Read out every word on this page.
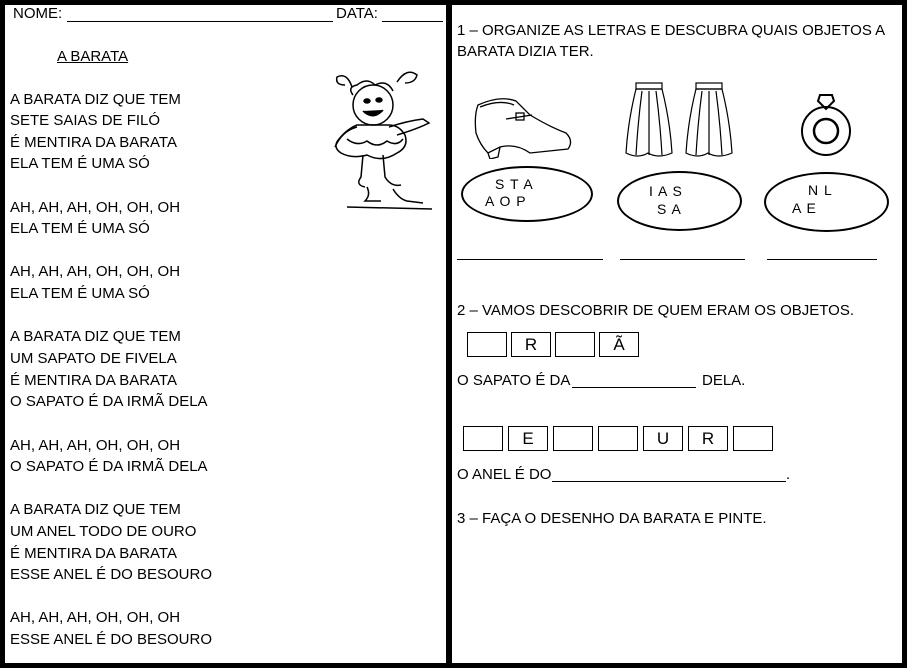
NOME:	DATA:
A BARATA
A BARATA DIZ QUE TEM
SETE SAIAS DE FILÓ
É MENTIRA DA BARATA
ELA TEM É UMA SÓ
AH, AH, AH, OH, OH, OH
ELA TEM É UMA SÓ
AH, AH, AH, OH, OH, OH
ELA TEM É UMA SÓ
A BARATA DIZ QUE TEM
UM SAPATO DE FIVELA
É MENTIRA DA BARATA
O SAPATO É DA IRMÃ DELA
AH, AH, AH, OH, OH, OH
O SAPATO É DA IRMÃ DELA
A BARATA DIZ QUE TEM
UM ANEL TODO DE OURO
É MENTIRA DA BARATA
ESSE ANEL É DO BESOURO
AH, AH, AH, OH, OH, OH
ESSE ANEL É DO BESOURO
1 – ORGANIZE AS LETRAS E DESCUBRA QUAIS OBJETOS A
BARATA DIZIA TER.
S T A
A O P
I A S
S A
N L
A E
2 – VAMOS DESCOBRIR DE QUEM ERAM OS OBJETOS.
R	Ã
O SAPATO É DA	DELA.
E	U	R
O ANEL É DO	.
3 – FAÇA O DESENHO DA BARATA E PINTE.
